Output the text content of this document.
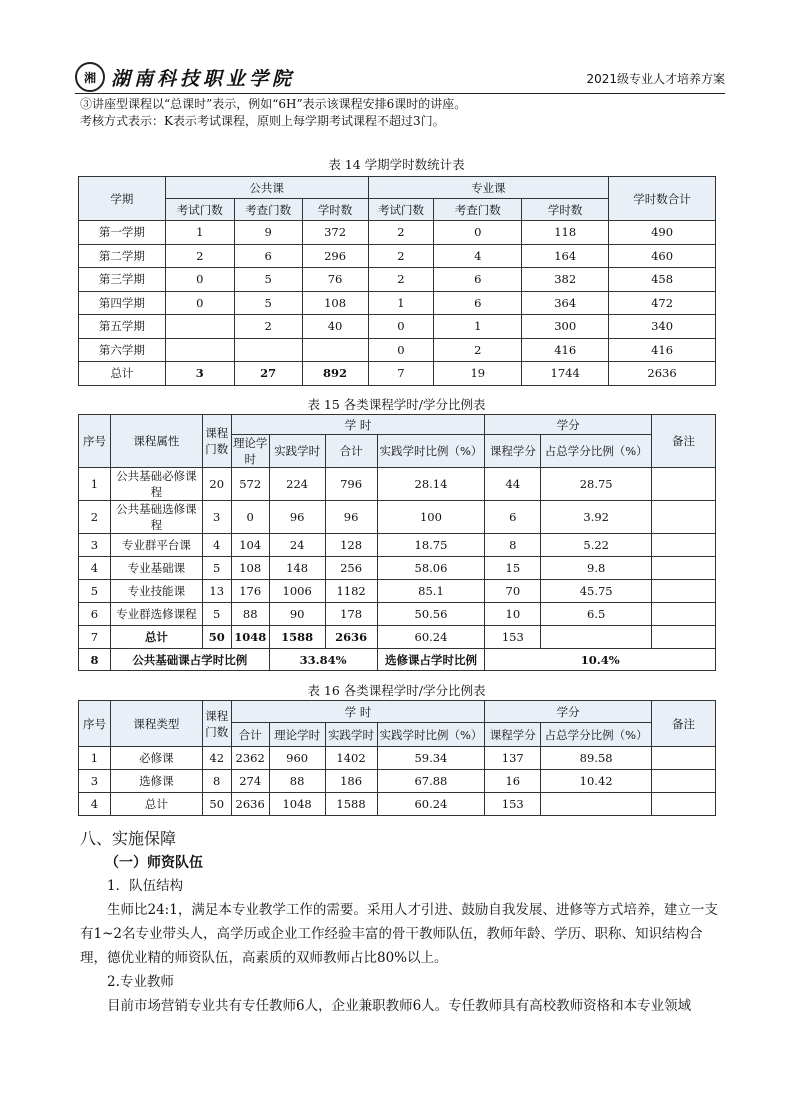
湘 湖南科技职业学院	2021级专业人才培养方案
③讲座型课程以“总课时”表示，例如“6H”表示该课程安排6课时的讲座。
考核方式表示：K表示考试课程，原则上每学期考试课程不超过3门。
表 14 学期学时数统计表
学期	公共课			专业课			学时数合计
	考试门数	考查门数	学时数	考试门数	考查门数	学时数	
第一学期	1	9	372	2	0	118	490
第二学期	2	6	296	2	4	164	460
第三学期	0	5	76	2	6	382	458
第四学期	0	5	108	1	6	364	472
第五学期		2	40	0	1	300	340
第六学期				0	2	416	416
总计	3	27	892	7	19	1744	2636
表 15 各类课程学时/学分比例表
序号	课程属性	课程门数	学 时				学分		备注
			理论学时	实践学时	合计	实践学时比例（%）	课程学分	占总学分比例（%）	
1	公共基础必修课程	20	572	224	796	28.14	44	28.75	
2	公共基础选修课程	3	0	96	96	100	6	3.92	
3	专业群平台课	4	104	24	128	18.75	8	5.22	
4	专业基础课	5	108	148	256	58.06	15	9.8	
5	专业技能课	13	176	1006	1182	85.1	70	45.75	
6	专业群选修课程	5	88	90	178	50.56	10	6.5	
7	总计	50	1048	1588	2636	60.24	153		
8	公共基础课占学时比例			33.84%		选修课占学时比例	10.4%		
表 16 各类课程学时/学分比例表
序号	课程类型	课程门数	学 时				学分		备注
			合计	理论学时	实践学时	实践学时比例（%）	课程学分	占总学分比例（%）	
1	必修课	42	2362	960	1402	59.34	137	89.58	
3	选修课	8	274	88	186	67.88	16	10.42	
4	总计	50	2636	1048	1588	60.24	153		
八、实施保障
（一）师资队伍
1．队伍结构
生师比24:1，满足本专业教学工作的需要。采用人才引进、鼓励自我发展、进修等方式培养，建立一支有1~2名专业带头人，高学历或企业工作经验丰富的骨干教师队伍，教师年龄、学历、职称、知识结构合理，德优业精的师资队伍，高素质的双师教师占比80%以上。
2.专业教师
目前市场营销专业共有专任教师6人，企业兼职教师6人。专任教师具有高校教师资格和本专业领域
